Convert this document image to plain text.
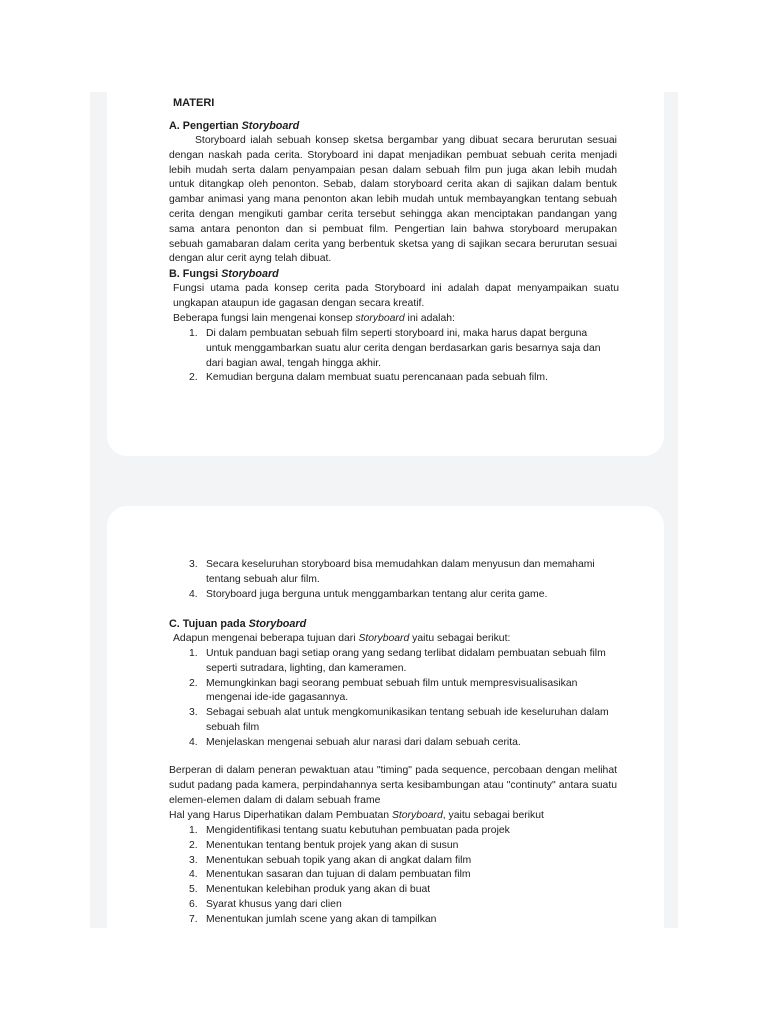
MATERI
A. Pengertian Storyboard
Storyboard ialah sebuah konsep sketsa bergambar yang dibuat secara berurutan sesuai dengan naskah pada cerita. Storyboard ini dapat menjadikan pembuat sebuah cerita menjadi lebih mudah serta dalam penyampaian pesan dalam sebuah film pun juga akan lebih mudah untuk ditangkap oleh penonton. Sebab, dalam storyboard cerita akan di sajikan dalam bentuk gambar animasi yang mana penonton akan lebih mudah untuk membayangkan tentang sebuah cerita dengan mengikuti gambar cerita tersebut sehingga akan menciptakan pandangan yang sama antara penonton dan si pembuat film. Pengertian lain bahwa storyboard merupakan sebuah gamabaran dalam cerita yang berbentuk sketsa yang di sajikan secara berurutan sesuai dengan alur cerit ayng telah dibuat.
B. Fungsi Storyboard
Fungsi utama pada konsep cerita pada Storyboard ini adalah dapat menyampaikan suatu ungkapan ataupun ide gagasan dengan secara kreatif.
Beberapa fungsi lain mengenai konsep storyboard ini adalah:
1. Di dalam pembuatan sebuah film seperti storyboard ini, maka harus dapat berguna untuk menggambarkan suatu alur cerita dengan berdasarkan garis besarnya saja dan dari bagian awal, tengah hingga akhir.
2. Kemudian berguna dalam membuat suatu perencanaan pada sebuah film.
3. Secara keseluruhan storyboard bisa memudahkan dalam menyusun dan memahami tentang sebuah alur film.
4. Storyboard juga berguna untuk menggambarkan tentang alur cerita game.
C. Tujuan pada Storyboard
Adapun mengenai beberapa tujuan dari Storyboard yaitu sebagai berikut:
1. Untuk panduan bagi setiap orang yang sedang terlibat didalam pembuatan sebuah film seperti sutradara, lighting, dan kameramen.
2. Memungkinkan bagi seorang pembuat sebuah film untuk mempresvisualisasikan mengenai ide-ide gagasannya.
3. Sebagai sebuah alat untuk mengkomunikasikan tentang sebuah ide keseluruhan dalam sebuah film
4. Menjelaskan mengenai sebuah alur narasi dari dalam sebuah cerita.
Berperan di dalam peneran pewaktuan atau "timing" pada sequence, percobaan dengan melihat sudut padang pada kamera, perpindahannya serta kesibambungan atau "continuty" antara suatu elemen-elemen dalam di dalam sebuah frame
Hal yang Harus Diperhatikan dalam Pembuatan Storyboard, yaitu sebagai berikut
1. Mengidentifikasi tentang suatu kebutuhan pembuatan pada projek
2. Menentukan tentang bentuk projek yang akan di susun
3. Menentukan sebuah topik yang akan di angkat dalam film
4. Menentukan sasaran dan tujuan di dalam pembuatan film
5. Menentukan kelebihan produk yang akan di buat
6. Syarat khusus yang dari clien
7. Menentukan jumlah scene yang akan di tampilkan
